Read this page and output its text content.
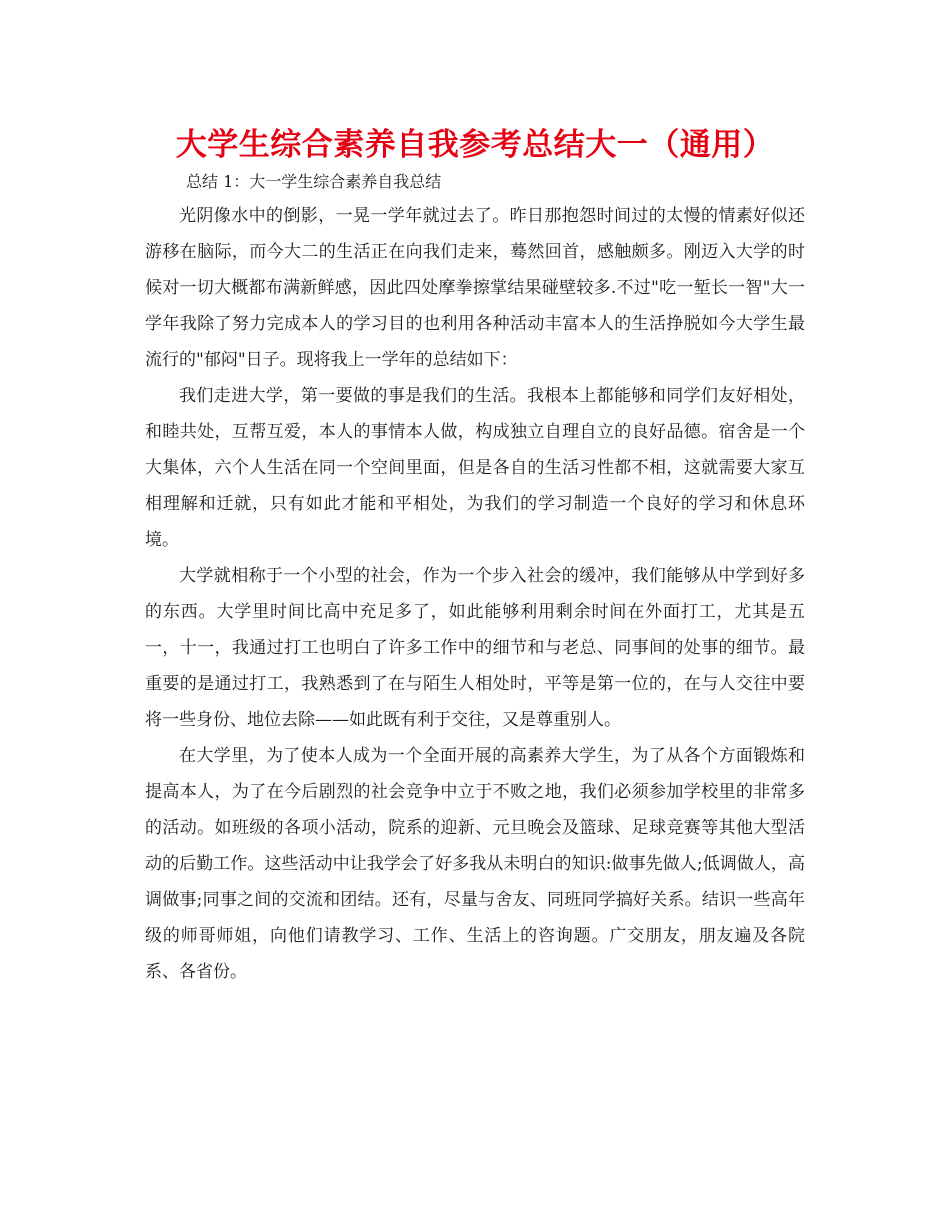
大学生综合素养自我参考总结大一（通用）
总结 1：大一学生综合素养自我总结

光阴像水中的倒影，一晃一学年就过去了。昨日那抱怨时间过的太慢的情素好似还游移在脑际，而今大二的生活正在向我们走来，蓦然回首，感触颇多。刚迈入大学的时候对一切大概都布满新鲜感，因此四处摩拳擦掌结果碰壁较多.不过"吃一堑长一智"大一学年我除了努力完成本人的学习目的也利用各种活动丰富本人的生活挣脱如今大学生最流行的"郁闷"日子。现将我上一学年的总结如下：

我们走进大学，第一要做的事是我们的生活。我根本上都能够和同学们友好相处，和睦共处，互帮互爱，本人的事情本人做，构成独立自理自立的良好品德。宿舍是一个大集体，六个人生活在同一个空间里面，但是各自的生活习性都不相，这就需要大家互相理解和迁就，只有如此才能和平相处，为我们的学习制造一个良好的学习和休息环境。

大学就相称于一个小型的社会，作为一个步入社会的缓冲，我们能够从中学到好多的东西。大学里时间比高中充足多了，如此能够利用剩余时间在外面打工，尤其是五一，十一，我通过打工也明白了许多工作中的细节和与老总、同事间的处事的细节。最重要的是通过打工，我熟悉到了在与陌生人相处时，平等是第一位的，在与人交往中要将一些身份、地位去除——如此既有利于交往，又是尊重别人。

在大学里，为了使本人成为一个全面开展的高素养大学生，为了从各个方面锻炼和提高本人，为了在今后剧烈的社会竞争中立于不败之地，我们必须参加学校里的非常多的活动。如班级的各项小活动，院系的迎新、元旦晚会及篮球、足球竞赛等其他大型活动的后勤工作。这些活动中让我学会了好多我从未明白的知识:做事先做人;低调做人，高调做事;同事之间的交流和团结。还有，尽量与舍友、同班同学搞好关系。结识一些高年级的师哥师姐，向他们请教学习、工作、生活上的咨询题。广交朋友，朋友遍及各院系、各省份。
